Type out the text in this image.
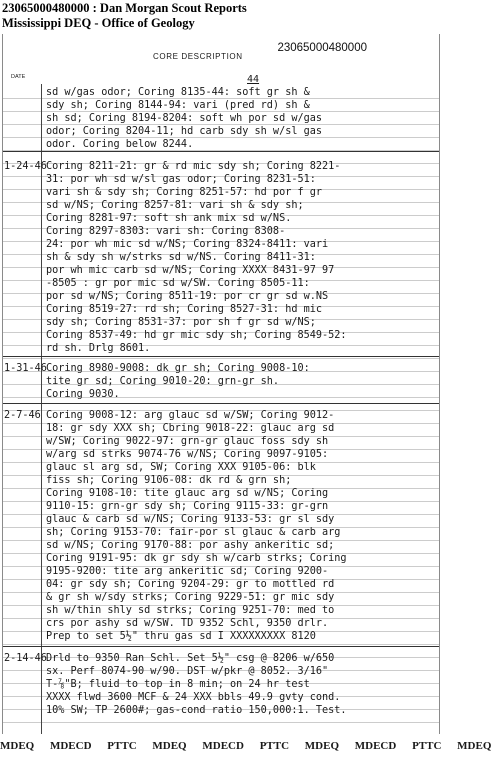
23065000480000 : Dan Morgan Scout Reports
Mississippi DEQ - Office of Geology
23065000480000
CORE DESCRIPTION
DATE	44
sd w/gas odor; Coring 8135-44: soft gr sh &
sdy sh; Coring 8144-94: vari (pred rd) sh &
sh sd; Coring 8194-8204: soft wh por sd w/gas
odor; Coring 8204-11; hd carb sdy sh w/sl gas
odor. Coring below 8244.
1-24-46 Coring 8211-21: gr & rd mic sdy sh; Coring 8221-
31: por wh sd w/sl gas odor; Coring 8231-51:
vari sh & sdy sh; Coring 8251-57: hd por f gr
sd w/NS; Coring 8257-81: vari sh & sdy sh;
Coring 8281-97: soft sh ank mix sd w/NS.
Coring 8297-8303: vari sh: Coring 8308-
24: por wh mic sd w/NS; Coring 8324-8411: vari
sh & sdy sh w/strks sd w/NS. Coring 8411-31:
por wh mic carb sd w/NS; Coring XXXX 8431-97 97
-8505 : gr por mic sd w/SW. Coring 8505-11:
por sd w/NS; Coring 8511-19: por cr gr sd w.NS
Coring 8519-27: rd sh; Coring 8527-31: hd mic
sdy sh; Coring 8531-37: por sh f gr sd w/NS;
Coring 8537-49: hd gr mic sdy sh; Coring 8549-52:
rd sh. Drlg 8601.
1-31-46 Coring 8980-9008: dk gr sh; Coring 9008-10:
tite gr sd; Coring 9010-20: grn-gr sh.
Coring 9030.
2-7-46 Coring 9008-12: arg glauc sd w/SW; Coring 9012-
18: gr sdy XXX sh; Cbring 9018-22: glauc arg sd
w/SW; Coring 9022-97: grn-gr glauc foss sdy sh
w/arg sd strks 9074-76 w/NS; Coring 9097-9105:
glauc sl arg sd, SW; Coring XXX 9105-06: blk
fiss sh; Coring 9106-08: dk rd & grn sh;
Coring 9108-10: tite glauc arg sd w/NS; Coring
9110-15: grn-gr sdy sh; Coring 9115-33: gr-grn
glauc & carb sd w/NS; Coring 9133-53: gr sl sdy
sh; Coring 9153-70: fair-por sl glauc & carb arg
sd w/NS; Coring 9170-88: por ashy ankeritic sd;
Coring 9191-95: dk gr sdy sh w/carb strks; Coring
9195-9200: tite arg ankeritic sd; Coring 9200-
04: gr sdy sh; Coring 9204-29: gr to mottled rd
& gr sh w/sdy strks; Coring 9229-51: gr mic sdy
sh w/thin shly sd strks; Coring 9251-70: med to
crs por ashy sd w/SW. TD 9352 Schl, 9350 drlr.
Prep to set 5½" thru gas sd I XXXXXXXXX 8120
2-14-46 Drld to 9350 Ran Schl. Set 5½" csg @ 8206 w/650
sx. Perf 8074-90 w/90. DST w/pkr @ 8052. 3/16"
T-⅞"B; fluid to top in 8 min; on 24 hr test
XXXX flwd 3600 MCF & 24 XXX bbls 49.9 gvty cond.
10% SW; TP 2600#; gas-cond ratio 150,000:1. Test.
MDEQ MDECD PTTC MDEQ MDECD PTTC MDEQ MDECD PTTC MDEQ
